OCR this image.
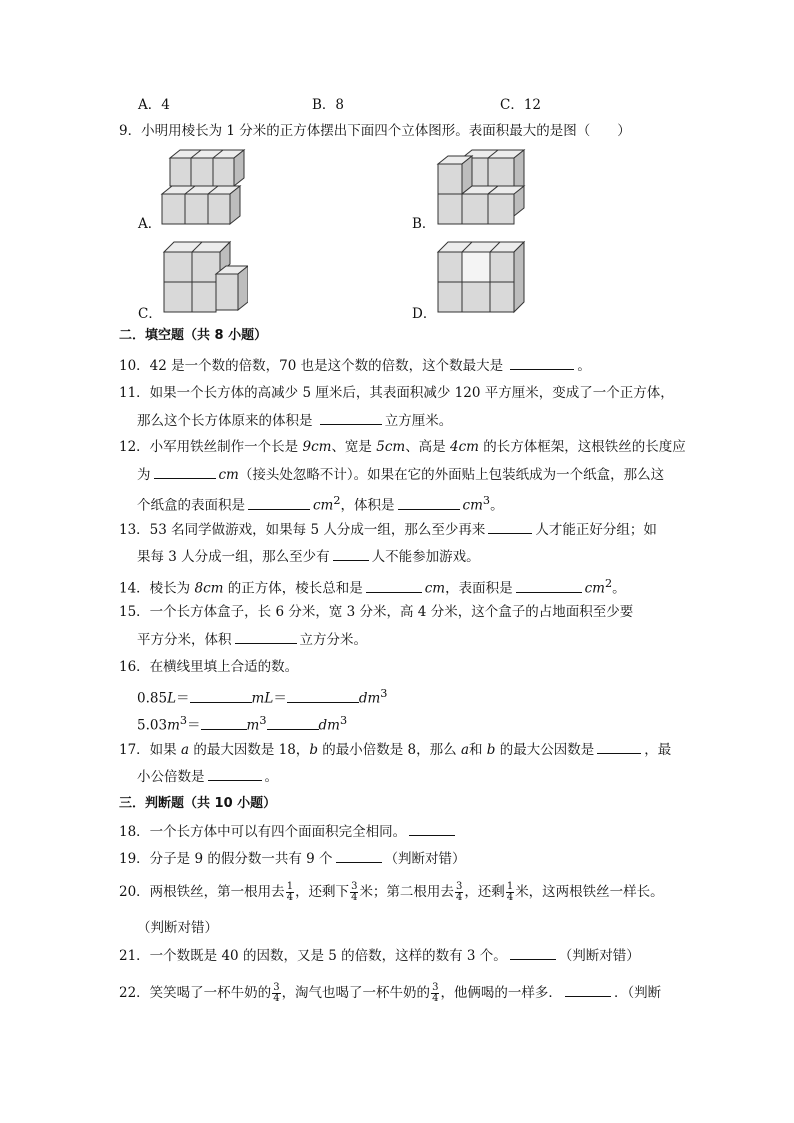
A．4	B．8	C．12
9．小明用棱长为 1 分米的正方体摆出下面四个立体图形。表面积最大的是图（　　）
A．	B．
C．	D．
二．填空题（共 8 小题）
10．42 是一个数的倍数，70 也是这个数的倍数，这个数最大是	。
11．如果一个长方体的高减少 5 厘米后，其表面积减少 120 平方厘米，变成了一个正方体，
那么这个长方体原来的体积是	立方厘米。
12．小军用铁丝制作一个长是 9cm、宽是 5cm、高是 4cm 的长方体框架，这根铁丝的长度应
为	cm（接头处忽略不计）。如果在它的外面贴上包装纸成为一个纸盒，那么这
个纸盒的表面积是	$cm^2$，体积是	$cm^3$。
13．53 名同学做游戏，如果每 5 人分成一组，那么至少再来	人才能正好分组；如
果每 3 人分成一组，那么至少有	人不能参加游戏。
14．棱长为 8cm 的正方体，棱长总和是	cm，表面积是	$cm^2$。
15．一个长方体盒子，长 6 分米，宽 3 分米，高 4 分米，这个盒子的占地面积至少要
平方分米，体积	立方分米。
16．在横线里填上合适的数。
0.85L＝	mL＝	$dm^3$
$5.03m^3=$	$m^3$	$dm^3$
17．如果 a 的最大因数是 18，b 的最小倍数是 8，那么 a和 b 的最大公因数是	，最
小公倍数是	。
三．判断题（共 10 小题）
18．一个长方体中可以有四个面面积完全相同。
19．分子是 9 的假分数一共有 9 个	（判断对错）
20．两根铁丝，第一根用去 $\frac{1}{4}$ ，还剩下 $\frac{3}{4}$ 米；第二根用去 $\frac{3}{4}$ ，还剩 $\frac{1}{4}$ 米，这两根铁丝一样长。
（判断对错）
21．一个数既是 40 的因数，又是 5 的倍数，这样的数有 3 个。	（判断对错）
22．笑笑喝了一杯牛奶的 $\frac{3}{4}$ ，淘气也喝了一杯牛奶的 $\frac{3}{4}$ ，他俩喝的一样多．	．（判断
